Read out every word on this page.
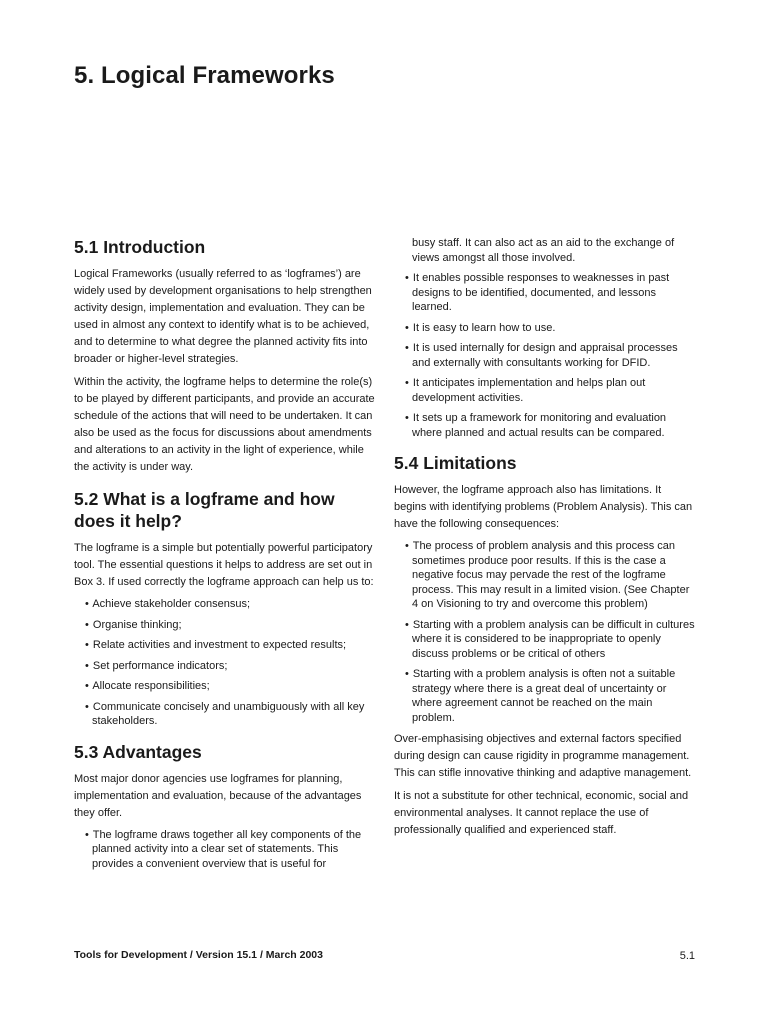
5. Logical Frameworks
5.1 Introduction

Logical Frameworks (usually referred to as ‘logframes’) are widely used by development organisations to help strengthen activity design, implementation and evaluation. They can be used in almost any context to identify what is to be achieved, and to determine to what degree the planned activity fits into broader or higher-level strategies.

Within the activity, the logframe helps to determine the role(s) to be played by different participants, and provide an accurate schedule of the actions that will need to be undertaken. It can also be used as the focus for discussions about amendments and alterations to an activity in the light of experience, while the activity is under way.

5.2 What is a logframe and how does it help?

The logframe is a simple but potentially powerful participatory tool. The essential questions it helps to address are set out in Box 3. If used correctly the logframe approach can help us to:

• Achieve stakeholder consensus;
• Organise thinking;
• Relate activities and investment to expected results;
• Set performance indicators;
• Allocate responsibilities;
• Communicate concisely and unambiguously with all key stakeholders.
5.3 Advantages

Most major donor agencies use logframes for planning, implementation and evaluation, because of the advantages they offer.

• The logframe draws together all key components of the planned activity into a clear set of statements. This provides a convenient overview that is useful for
busy staff. It can also act as an aid to the exchange of views amongst all those involved.
• It enables possible responses to weaknesses in past designs to be identified, documented, and lessons learned.
• It is easy to learn how to use.
• It is used internally for design and appraisal processes and externally with consultants working for DFID.
• It anticipates implementation and helps plan out development activities.
• It sets up a framework for monitoring and evaluation where planned and actual results can be compared.
5.4 Limitations

However, the logframe approach also has limitations. It begins with identifying problems (Problem Analysis). This can have the following consequences:

• The process of problem analysis and this process can sometimes produce poor results. If this is the case a negative focus may pervade the rest of the logframe process. This may result in a limited vision. (See Chapter 4 on Visioning to try and overcome this problem)
• Starting with a problem analysis can be difficult in cultures where it is considered to be inappropriate to openly discuss problems or be critical of others
• Starting with a problem analysis is often not a suitable strategy where there is a great deal of uncertainty or where agreement cannot be reached on the main problem.

Over-emphasising objectives and external factors specified during design can cause rigidity in programme management. This can stifle innovative thinking and adaptive management.

It is not a substitute for other technical, economic, social and environmental analyses. It cannot replace the use of professionally qualified and experienced staff.

Tools for Development / Version 15.1 / March 2003	5.1
